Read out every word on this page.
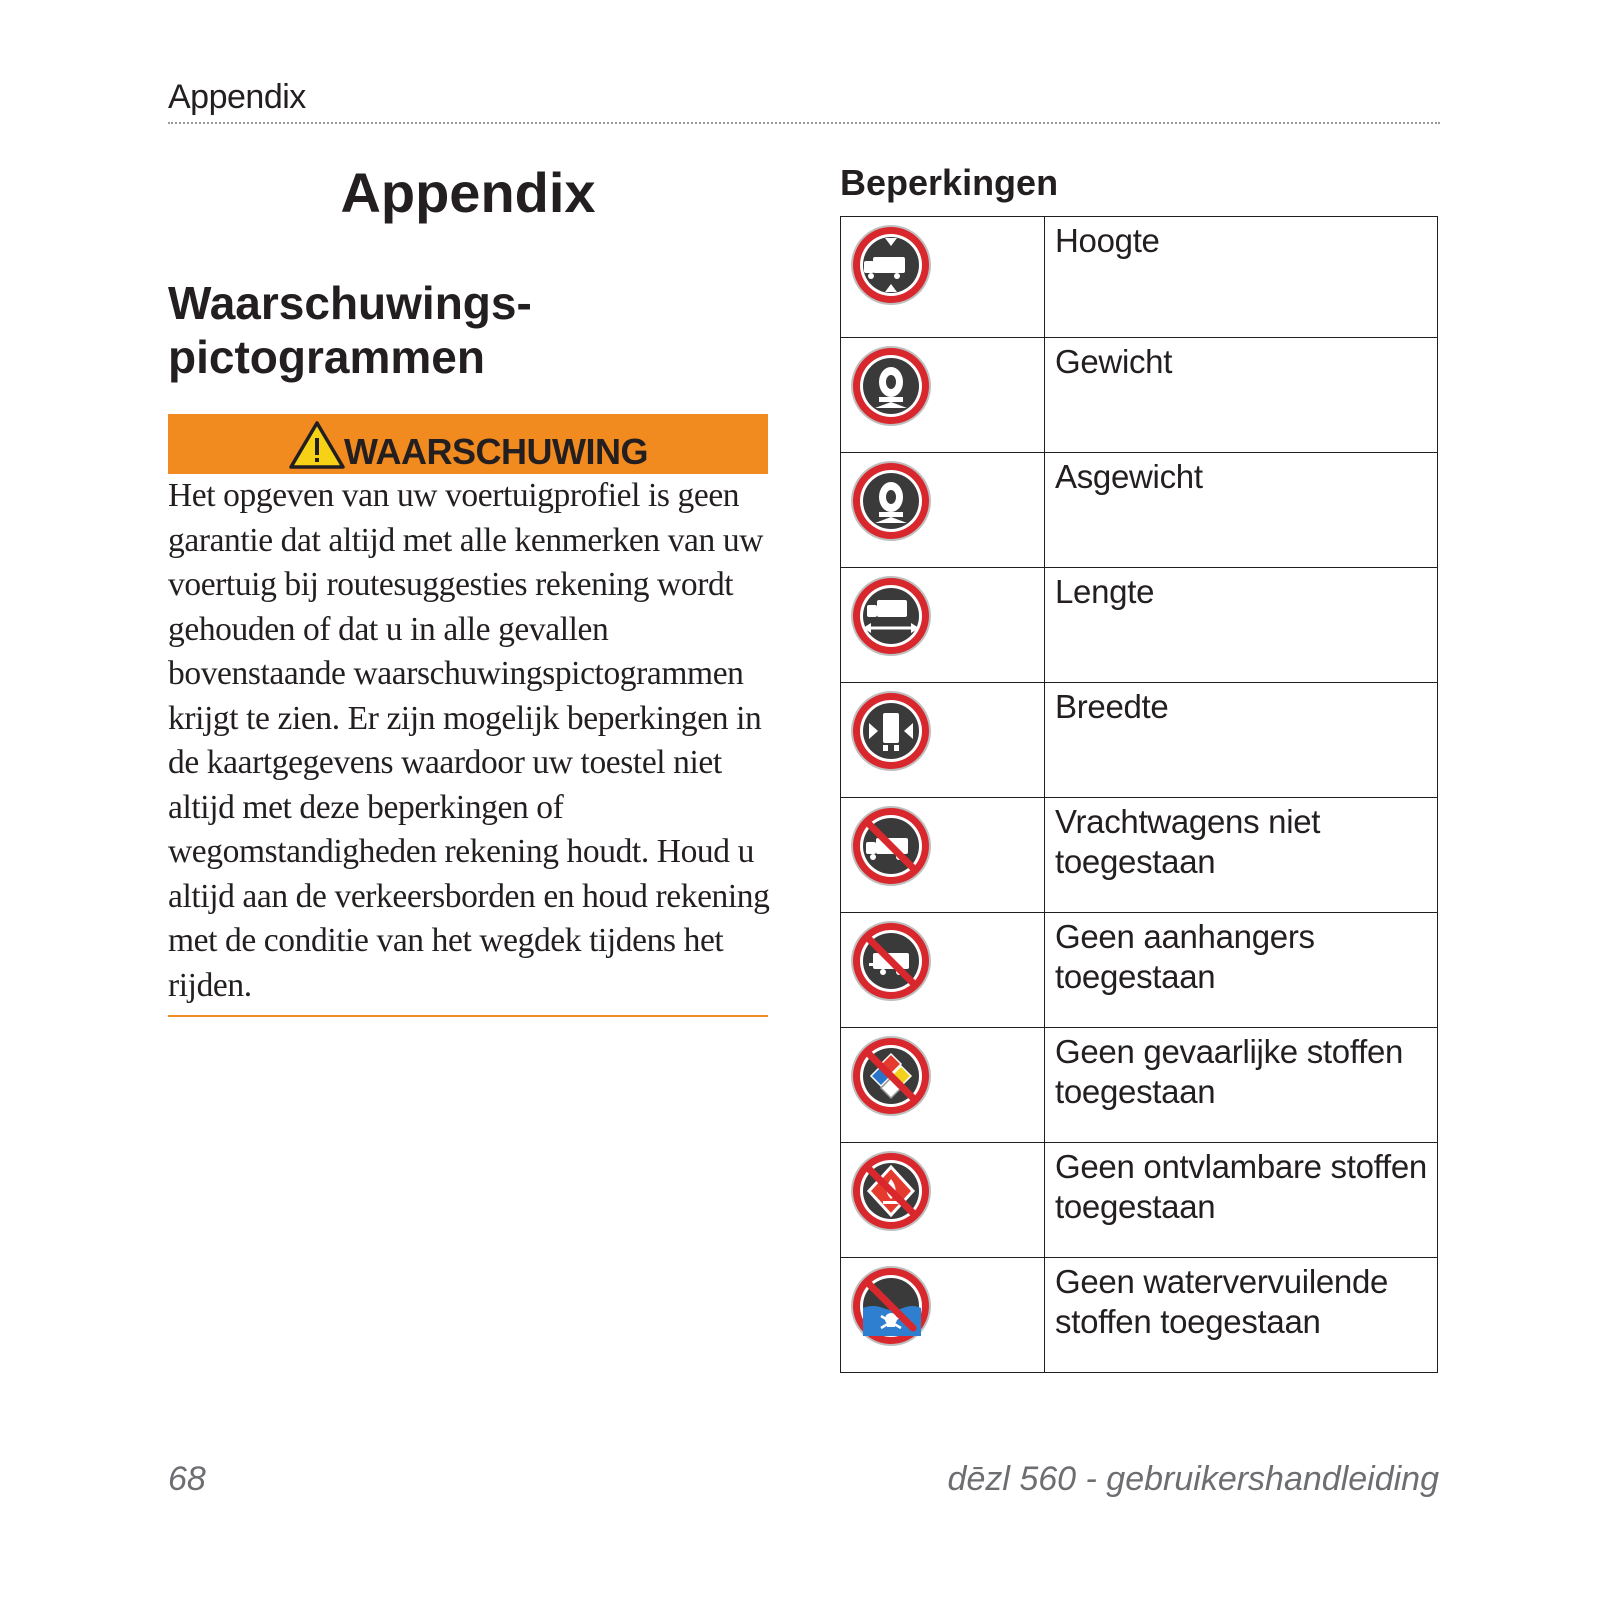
Appendix
Appendix
Waarschuwings-
pictogrammen
WAARSCHUWING

Het opgeven van uw voertuigprofiel is geen garantie dat altijd met alle kenmerken van uw voertuig bij routesuggesties rekening wordt gehouden of dat u in alle gevallen bovenstaande waarschuwingspictogrammen krijgt te zien. Er zijn mogelijk beperkingen in de kaartgegevens waardoor uw toestel niet altijd met deze beperkingen of wegomstandigheden rekening houdt. Houd u altijd aan de verkeersborden en houd rekening met de conditie van het wegdek tijdens het rijden.

Beperkingen
	Hoogte

	Gewicht

	Asgewicht

	Lengte

	Breedte

	Vrachtwagens niet
toegestaan

	Geen aanhangers
toegestaan

	Geen gevaarlijke stoffen
toegestaan

	Geen ontvlambare stoffen
toegestaan

	Geen watervervuilende
stoffen toegestaan
68	dēzl 560 - gebruikershandleiding
